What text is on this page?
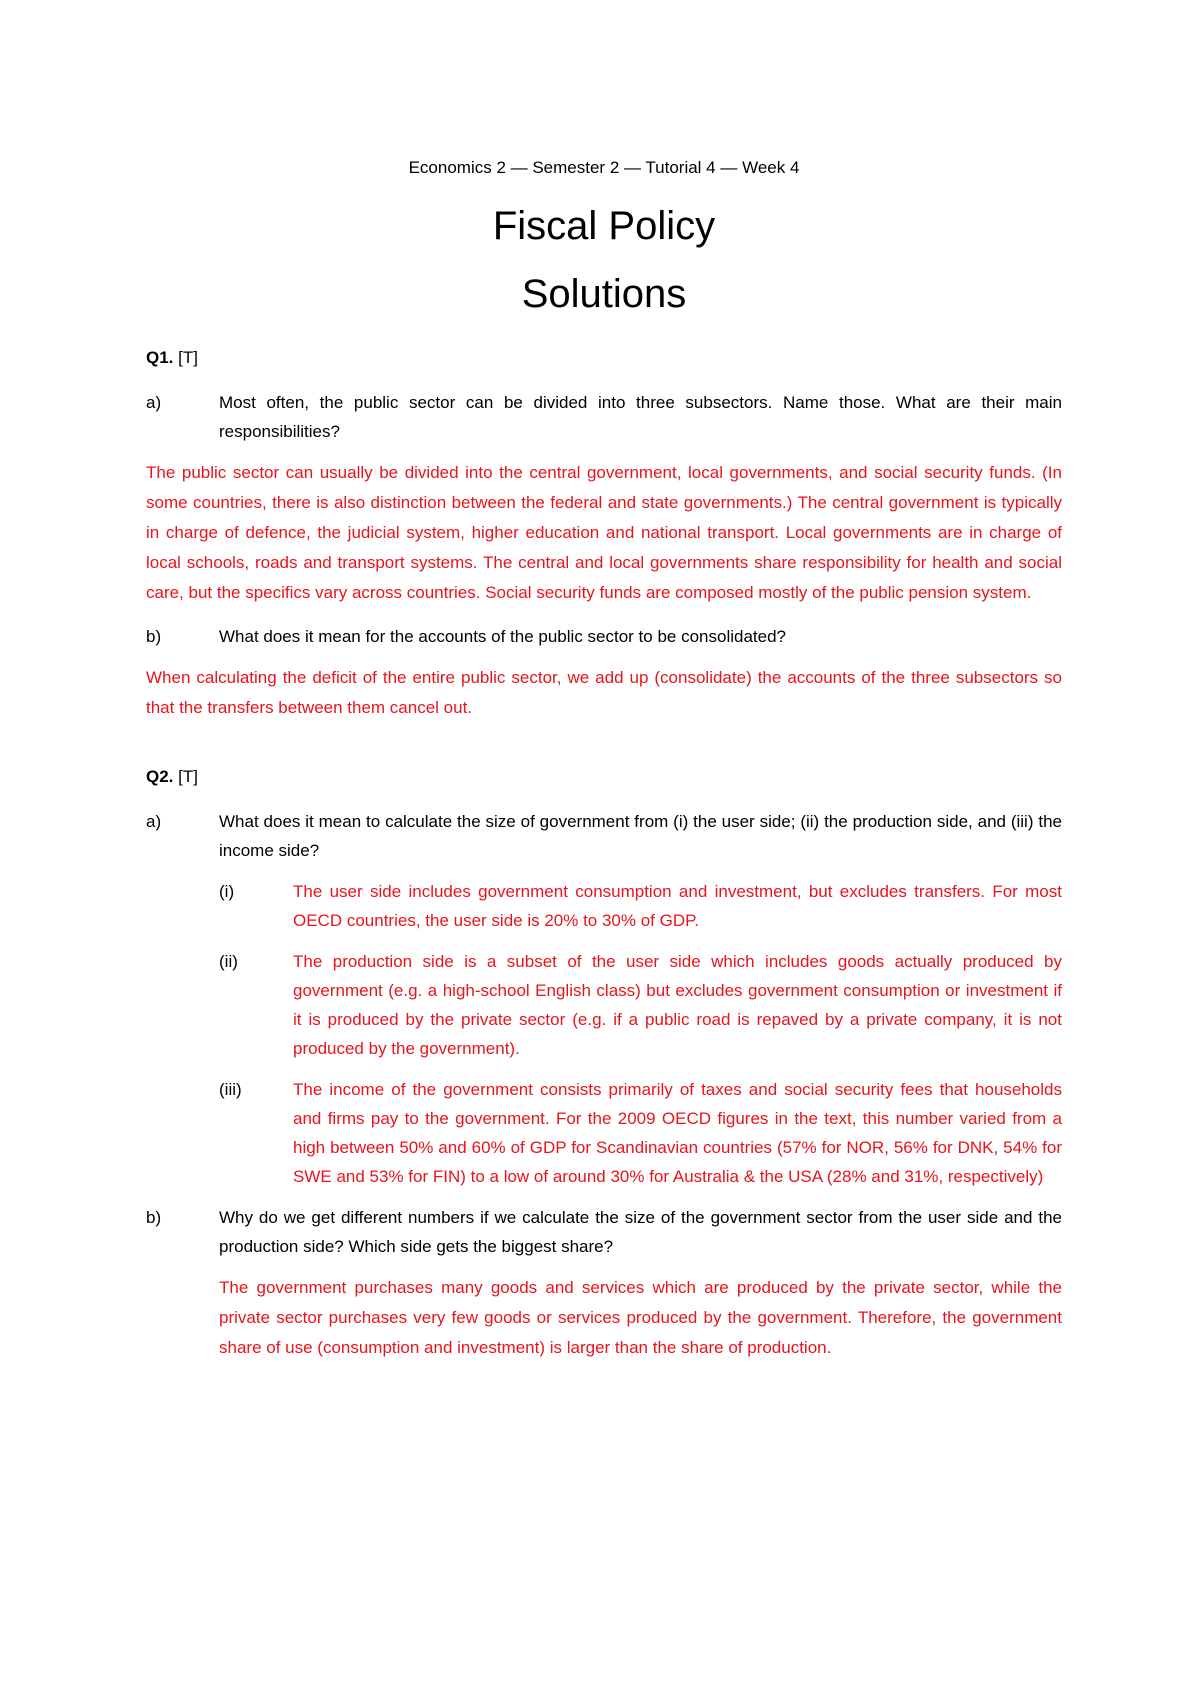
Economics 2 — Semester 2 — Tutorial 4 — Week 4
Fiscal Policy
Solutions
Q1. [T]
a)	Most often, the public sector can be divided into three subsectors. Name those. What are their main responsibilities?

The public sector can usually be divided into the central government, local governments, and social security funds. (In some countries, there is also distinction between the federal and state governments.) The central government is typically in charge of defence, the judicial system, higher education and national transport. Local governments are in charge of local schools, roads and transport systems. The central and local governments share responsibility for health and social care, but the specifics vary across countries. Social security funds are composed mostly of the public pension system.

b)	What does it mean for the accounts of the public sector to be consolidated?

When calculating the deficit of the entire public sector, we add up (consolidate) the accounts of the three subsectors so that the transfers between them cancel out.

Q2. [T]
a)	What does it mean to calculate the size of government from (i) the user side; (ii) the production side, and (iii) the income side?
(i)	The user side includes government consumption and investment, but excludes transfers. For most OECD countries, the user side is 20% to 30% of GDP.
(ii)	The production side is a subset of the user side which includes goods actually produced by government (e.g. a high-school English class) but excludes government consumption or investment if it is produced by the private sector (e.g. if a public road is repaved by a private company, it is not produced by the government).
(iii)	The income of the government consists primarily of taxes and social security fees that households and firms pay to the government. For the 2009 OECD figures in the text, this number varied from a high between 50% and 60% of GDP for Scandinavian countries (57% for NOR, 56% for DNK, 54% for SWE and 53% for FIN) to a low of around 30% for Australia & the USA (28% and 31%, respectively)
b)	Why do we get different numbers if we calculate the size of the government sector from the user side and the production side? Which side gets the biggest share?

The government purchases many goods and services which are produced by the private sector, while the private sector purchases very few goods or services produced by the government. Therefore, the government share of use (consumption and investment) is larger than the share of production.
